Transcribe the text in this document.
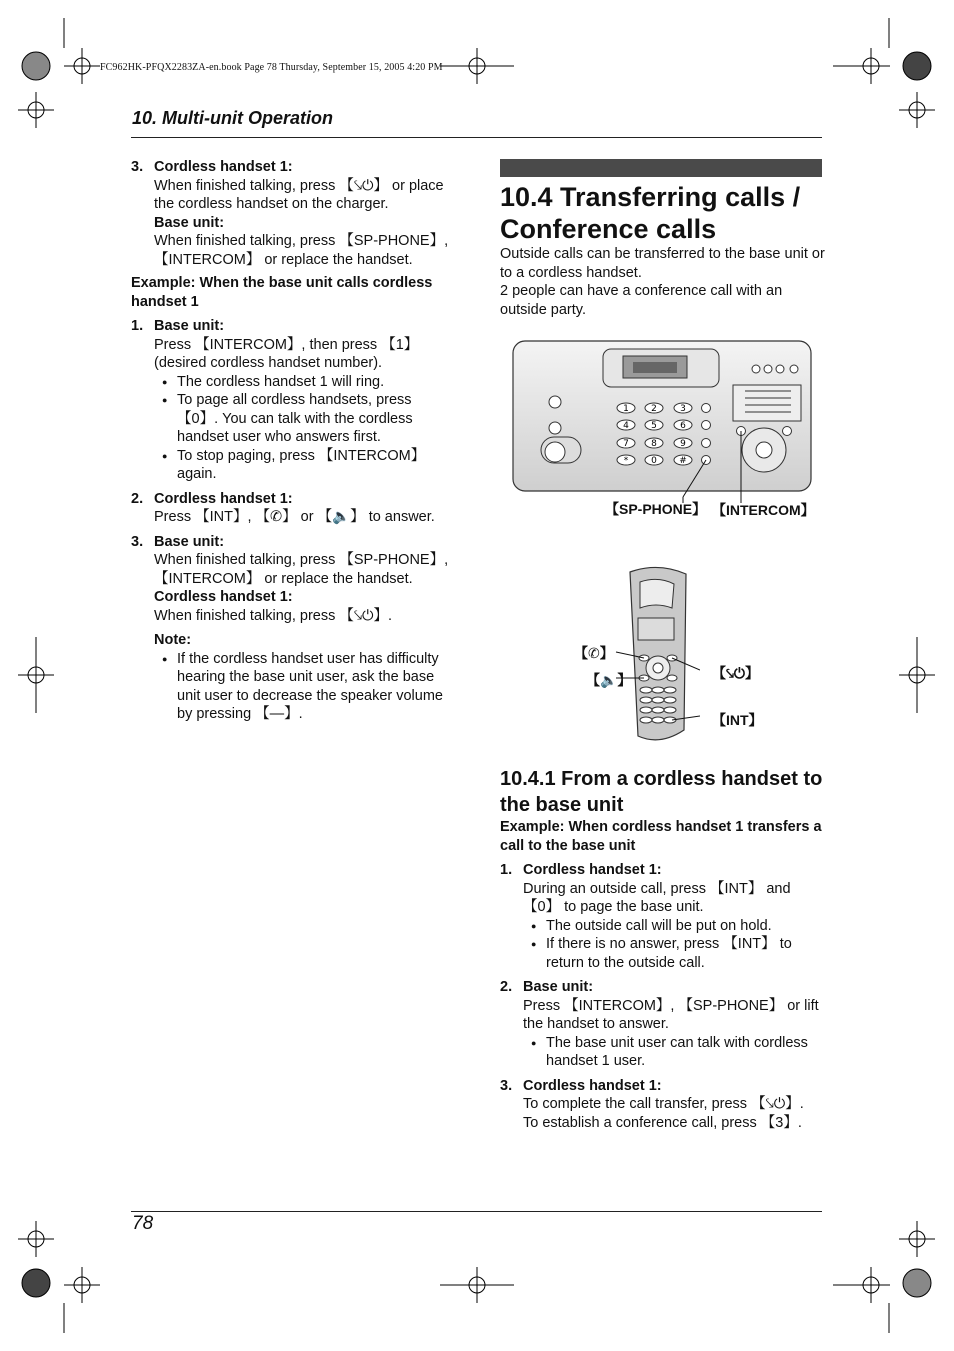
FC962HK-PFQX2283ZA-en.book Page 78 Thursday, September 15, 2005 4:20 PM
10. Multi-unit Operation
3. Cordless handset 1:

When finished talking, press 【⤥⏻】 or place the cordless handset on the charger.

Base unit:

When finished talking, press 【SP-PHONE】, 【INTERCOM】 or replace the handset.

Example: When the base unit calls cordless handset 1

1. Base unit:

Press 【INTERCOM】, then press 【1】 (desired cordless handset number).

● The cordless handset 1 will ring.

● To page all cordless handsets, press 【0】. You can talk with the cordless handset user who answers first.

● To stop paging, press 【INTERCOM】 again.

2. Cordless handset 1:

Press 【INT】, 【✆】 or 【🔈】 to answer.

3. Base unit:

When finished talking, press 【SP-PHONE】, 【INTERCOM】 or replace the handset.

Cordless handset 1:

When finished talking, press 【⤥⏻】.

Note:

● If the cordless handset user has difficulty hearing the base unit user, ask the base unit user to decrease the speaker volume by pressing 【—】.

10.4 Transferring calls / Conference calls

Outside calls can be transferred to the base unit or to a cordless handset.

2 people can have a conference call with an outside party.

1 2	3
4 5	6
7 8	9
*	0 #
【SP-PHONE】 【INTERCOM】
【✆】
【🔈】	【⤥⏻】
【INT】
10.4.1 From a cordless handset to the base unit

Example: When cordless handset 1 transfers a call to the base unit

1. Cordless handset 1:

During an outside call, press 【INT】 and 【0】 to page the base unit.

● The outside call will be put on hold.

● If there is no answer, press 【INT】 to return to the outside call.

2. Base unit:

Press 【INTERCOM】, 【SP-PHONE】 or lift the handset to answer.

● The base unit user can talk with cordless handset 1 user.

3. Cordless handset 1:

To complete the call transfer, press 【⤥⏻】.

To establish a conference call, press 【3】.

78
